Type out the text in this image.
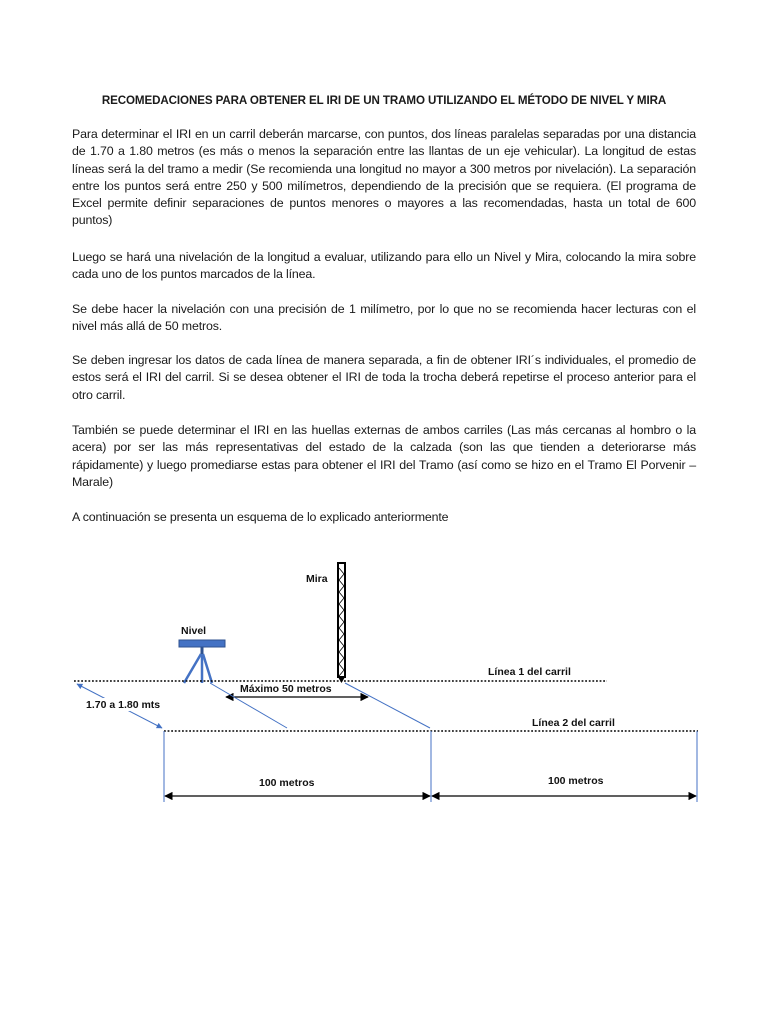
RECOMEDACIONES PARA OBTENER EL IRI DE UN TRAMO UTILIZANDO EL MÉTODO DE NIVEL Y MIRA

Para determinar el IRI en un carril deberán marcarse, con puntos, dos líneas paralelas separadas por una distancia de 1.70 a 1.80 metros (es más o menos la separación entre las llantas de un eje vehicular). La longitud de estas líneas será la del tramo a medir (Se recomienda una longitud no mayor a 300 metros por nivelación). La separación entre los puntos será entre 250 y 500 milímetros, dependiendo de la precisión que se requiera. (El programa de Excel permite definir separaciones de puntos menores o mayores a las recomendadas, hasta un total de 600 puntos)

Luego se hará una nivelación de la longitud a evaluar, utilizando para ello un Nivel y Mira, colocando la mira sobre cada uno de los puntos marcados de la línea.

Se debe hacer la nivelación con una precisión de 1 milímetro, por lo que no se recomienda hacer lecturas con el nivel más allá de 50 metros.

Se deben ingresar los datos de cada línea de manera separada, a fin de obtener IRI´s individuales, el promedio de estos será el IRI del carril. Si se desea obtener el IRI de toda la trocha deberá repetirse el proceso anterior para el otro carril.

También se puede determinar el IRI en las huellas externas de ambos carriles (Las más cercanas al hombro o la acera) por ser las más representativas del estado de la calzada (son las que tienden a deteriorarse más rápidamente) y luego promediarse estas para obtener el IRI del Tramo (así como se hizo en el Tramo El Porvenir – Marale)

A continuación se presenta un esquema de lo explicado anteriormente

Mira
Nivel
Línea 1 del carril
Máximo 50 metros
1.70 a 1.80 mts
Línea 2 del carril
100 metros	100 metros
